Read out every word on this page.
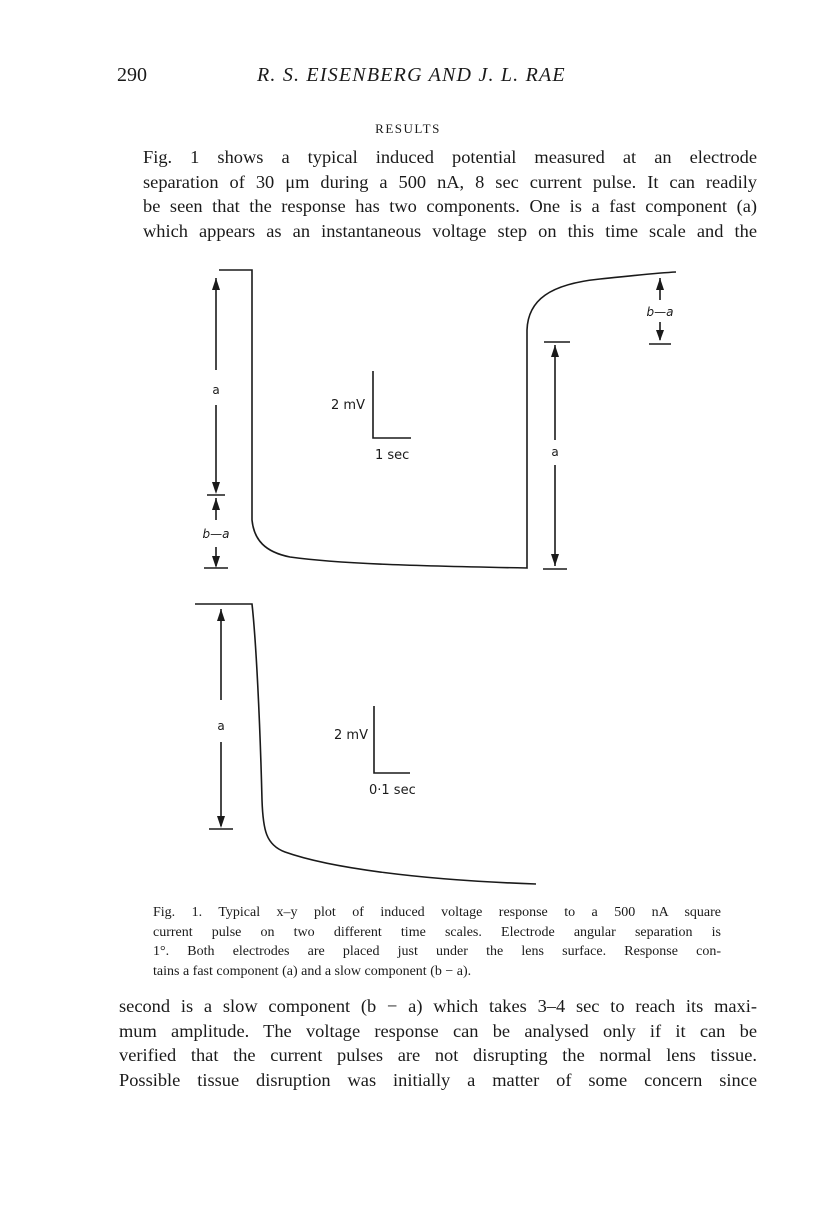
290	R. S. EISENBERG AND J. L. RAE
RESULTS
Fig. 1 shows a typical induced potential measured at an electrode
separation of 30 μm during a 500 nA, 8 sec current pulse. It can readily
be seen that the response has two components. One is a fast component (a)
which appears as an instantaneous voltage step on this time scale and the
a
b—a
a
b—a
2 mV
1 sec
a
2 mV
0·1 sec
Fig. 1. Typical x–y plot of induced voltage response to a 500 nA square
current pulse on two different time scales. Electrode angular separation is
1°. Both electrodes are placed just under the lens surface. Response con-
tains a fast component (a) and a slow component (b − a).
second is a slow component (b − a) which takes 3–4 sec to reach its maxi-
mum amplitude. The voltage response can be analysed only if it can be
verified that the current pulses are not disrupting the normal lens tissue.
Possible tissue disruption was initially a matter of some concern since
